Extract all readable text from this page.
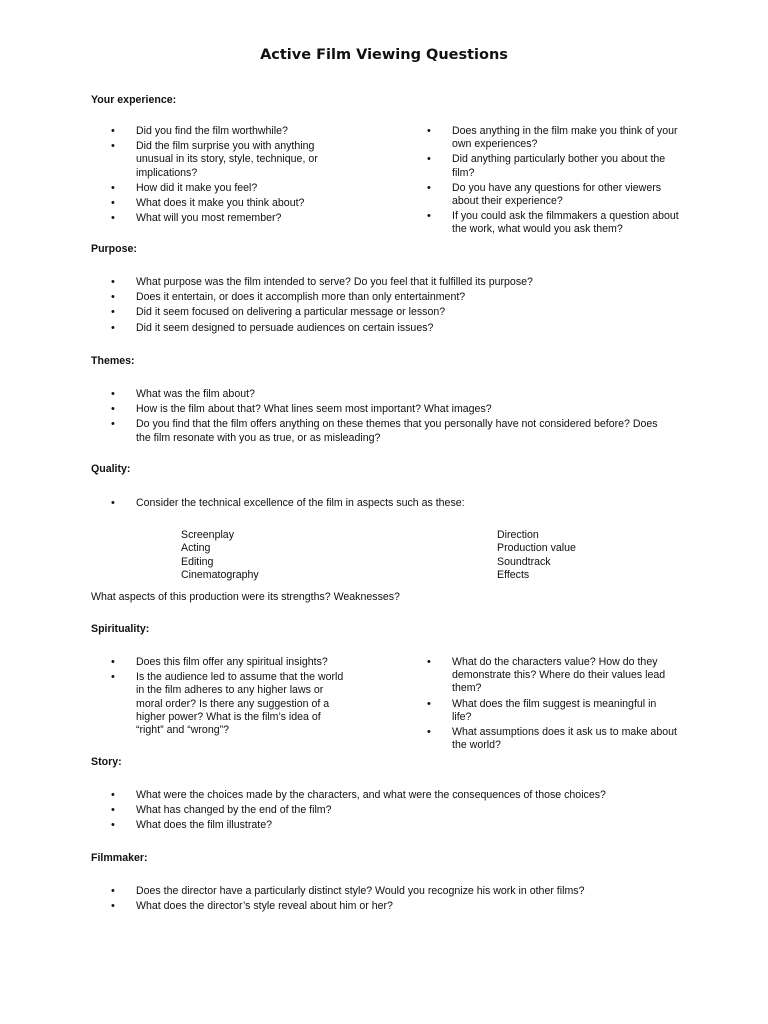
Active Film Viewing Questions
Your experience:
• Did you find the film worthwhile?
• Did the film surprise you with anything unusual in its story, style, technique, or implications?
• How did it make you feel?
• What does it make you think about?
• What will you most remember?
• Does anything in the film make you think of your own experiences?
• Did anything particularly bother you about the film?
• Do you have any questions for other viewers about their experience?
• If you could ask the filmmakers a question about the work, what would you ask them?
Purpose:
• What purpose was the film intended to serve? Do you feel that it fulfilled its purpose?
• Does it entertain, or does it accomplish more than only entertainment?
• Did it seem focused on delivering a particular message or lesson?
• Did it seem designed to persuade audiences on certain issues?
Themes:
• What was the film about?
• How is the film about that? What lines seem most important? What images?
• Do you find that the film offers anything on these themes that you personally have not considered before? Does the film resonate with you as true, or as misleading?
Quality:
• Consider the technical excellence of the film in aspects such as these:
Screenplay
Acting
Editing
Cinematography
Direction
Production value
Soundtrack
Effects
What aspects of this production were its strengths? Weaknesses?
Spirituality:
• Does this film offer any spiritual insights?
• Is the audience led to assume that the world in the film adheres to any higher laws or moral order? Is there any suggestion of a higher power? What is the film’s idea of “right” and “wrong”?
• What do the characters value? How do they demonstrate this? Where do their values lead them?
• What does the film suggest is meaningful in life?
• What assumptions does it ask us to make about the world?
Story:
• What were the choices made by the characters, and what were the consequences of those choices?
• What has changed by the end of the film?
• What does the film illustrate?
Filmmaker:
• Does the director have a particularly distinct style? Would you recognize his work in other films?
• What does the director’s style reveal about him or her?
